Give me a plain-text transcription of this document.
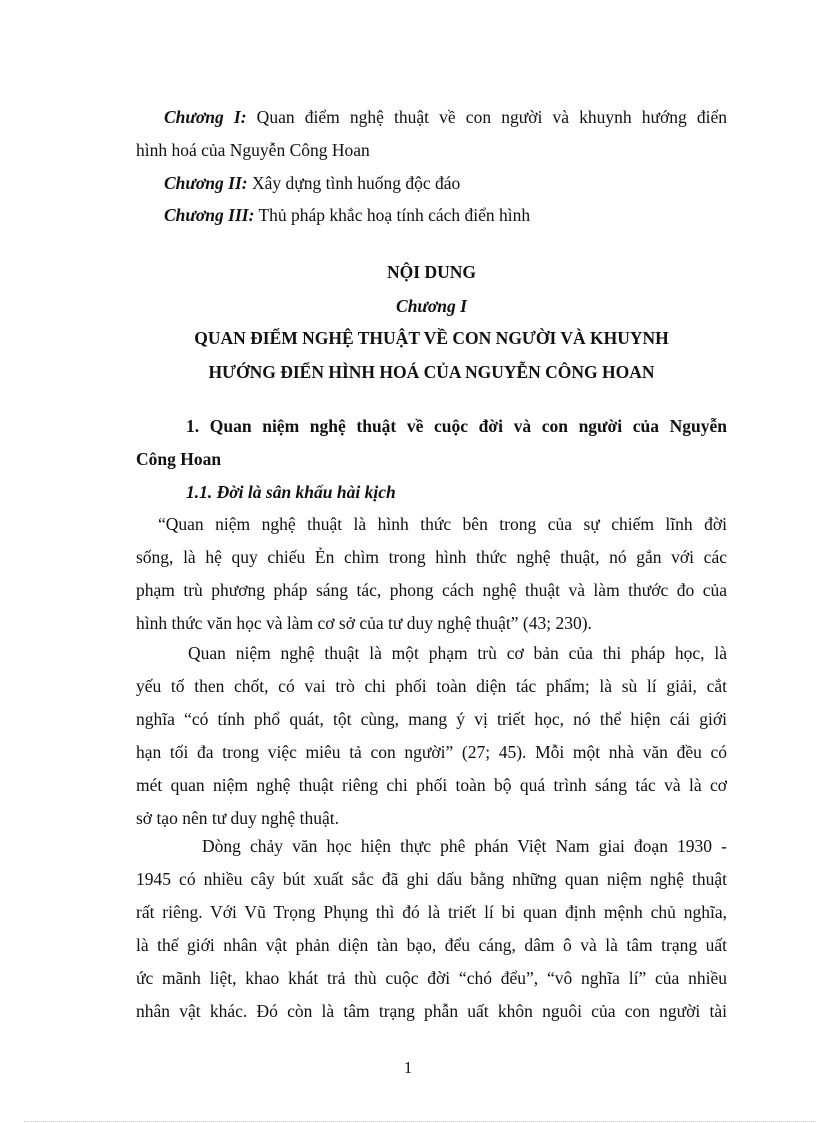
Chương I: Quan điểm nghệ thuật về con người và khuynh hướng điển
hình hoá của Nguyễn Công Hoan
Chương II: Xây dựng tình huống độc đáo
Chương III: Thủ pháp khắc hoạ tính cách điển hình
NỘI DUNG
Chương I
QUAN ĐIỂM NGHỆ THUẬT VỀ CON NGƯỜI VÀ KHUYNH
HƯỚNG ĐIỂN HÌNH HOÁ CỦA NGUYỄN CÔNG HOAN
1. Quan niệm nghệ thuật về cuộc đời và con người của Nguyễn
Công Hoan
1.1. Đời là sân khấu hài kịch
“Quan niệm nghệ thuật là hình thức bên trong của sự chiếm lĩnh đời
sống, là hệ quy chiếu Ẻn chìm trong hình thức nghệ thuật, nó gắn với các
phạm trù phương pháp sáng tác, phong cách nghệ thuật và làm thước đo của
hình thức văn học và làm cơ sở của tư duy nghệ thuật” (43; 230).
Quan niệm nghệ thuật là một phạm trù cơ bản của thi pháp học, là
yếu tố then chốt, có vai trò chi phối toàn diện tác phẩm; là sù lí giải, cắt
nghĩa “có tính phổ quát, tột cùng, mang ý vị triết học, nó thể hiện cái giới
hạn tối đa trong việc miêu tả con người” (27; 45). Mỗi một nhà văn đều có
mét quan niệm nghệ thuật riêng chi phối toàn bộ quá trình sáng tác và là cơ
sở tạo nên tư duy nghệ thuật.
Dòng chảy văn học hiện thực phê phán Việt Nam giai đoạn 1930 -
1945 có nhiều cây bút xuất sắc đã ghi dấu bằng những quan niệm nghệ thuật
rất riêng. Với Vũ Trọng Phụng thì đó là triết lí bi quan định mệnh chủ nghĩa,
là thế giới nhân vật phản diện tàn bạo, đểu cáng, dâm ô và là tâm trạng uất
ức mãnh liệt, khao khát trả thù cuộc đời “chó đểu”, “vô nghĩa lí” của nhiều
nhân vật khác. Đó còn là tâm trạng phẫn uất khôn nguôi của con người tài
1
